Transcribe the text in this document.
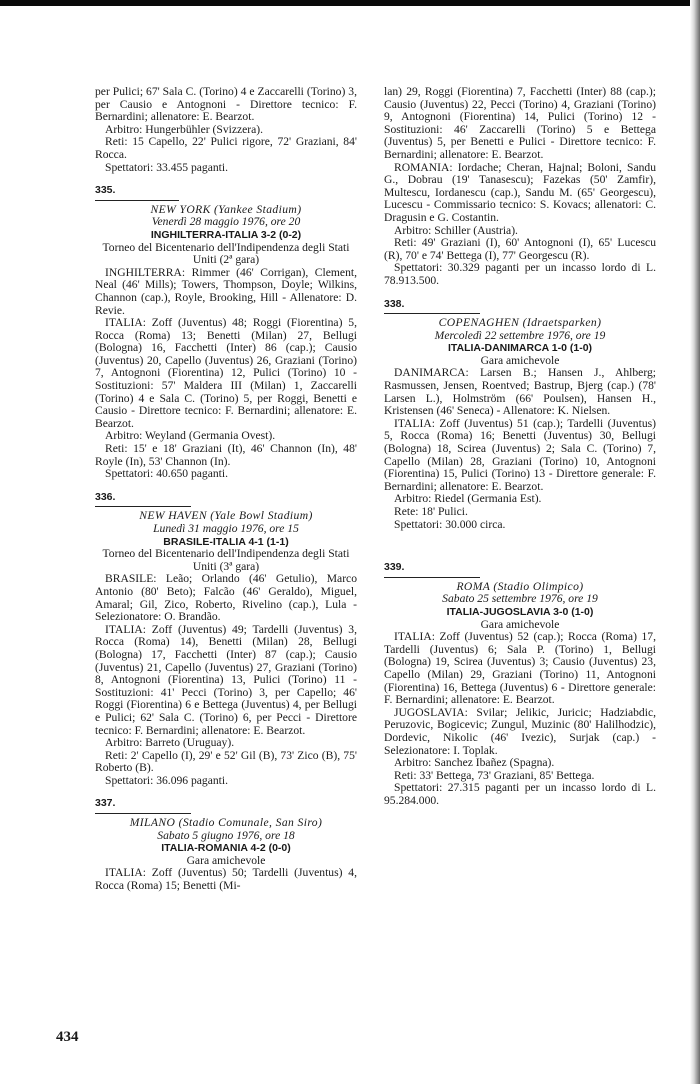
per Pulici; 67' Sala C. (Torino) 4 e Zaccarelli (Torino) 3, per Causio e Antognoni - Direttore tecnico: F. Bernardini; allenatore: E. Bearzot.

Arbitro: Hungerbühler (Svizzera).

Reti: 15 Capello, 22' Pulici rigore, 72' Graziani, 84' Rocca.

Spettatori: 33.455 paganti.

335.

NEW YORK (Yankee Stadium)

Venerdì 28 maggio 1976, ore 20

INGHILTERRA-ITALIA 3-2 (0-2)

Torneo del Bicentenario dell'Indipendenza degli Stati Uniti (2ª gara)

INGHILTERRA: Rimmer (46' Corrigan), Clement, Neal (46' Mills); Towers, Thompson, Doyle; Wilkins, Channon (cap.), Royle, Brooking, Hill - Allenatore: D. Revie.

ITALIA: Zoff (Juventus) 48; Roggi (Fiorentina) 5, Rocca (Roma) 13; Benetti (Milan) 27, Bellugi (Bologna) 16, Facchetti (Inter) 86 (cap.); Causio (Juventus) 20, Capello (Juventus) 26, Graziani (Torino) 7, Antognoni (Fiorentina) 12, Pulici (Torino) 10 - Sostituzioni: 57' Maldera III (Milan) 1, Zaccarelli (Torino) 4 e Sala C. (Torino) 5, per Roggi, Benetti e Causio - Direttore tecnico: F. Bernardini; allenatore: E. Bearzot.

Arbitro: Weyland (Germania Ovest).

Reti: 15' e 18' Graziani (It), 46' Channon (In), 48' Royle (In), 53' Channon (In).

Spettatori: 40.650 paganti.

336.

NEW HAVEN (Yale Bowl Stadium)

Lunedì 31 maggio 1976, ore 15

BRASILE-ITALIA 4-1 (1-1)

Torneo del Bicentenario dell'Indipendenza degli Stati Uniti (3ª gara)

BRASILE: Leão; Orlando (46' Getulio), Marco Antonio (80' Beto); Falcão (46' Geraldo), Miguel, Amaral; Gil, Zico, Roberto, Rivelino (cap.), Lula - Selezionatore: O. Brandão.

ITALIA: Zoff (Juventus) 49; Tardelli (Juventus) 3, Rocca (Roma) 14), Benetti (Milan) 28, Bellugi (Bologna) 17, Facchetti (Inter) 87 (cap.); Causio (Juventus) 21, Capello (Juventus) 27, Graziani (Torino) 8, Antognoni (Fiorentina) 13, Pulici (Torino) 11 - Sostituzioni: 41' Pecci (Torino) 3, per Capello; 46' Roggi (Fiorentina) 6 e Bettega (Juventus) 4, per Bellugi e Pulici; 62' Sala C. (Torino) 6, per Pecci - Direttore tecnico: F. Bernardini; allenatore: E. Bearzot.

Arbitro: Barreto (Uruguay).

Reti: 2' Capello (I), 29' e 52' Gil (B), 73' Zico (B), 75' Roberto (B).

Spettatori: 36.096 paganti.

337.

MILANO (Stadio Comunale, San Siro)

Sabato 5 giugno 1976, ore 18

ITALIA-ROMANIA 4-2 (0-0)

Gara amichevole

ITALIA: Zoff (Juventus) 50; Tardelli (Juventus) 4, Rocca (Roma) 15; Benetti (Mi-

lan) 29, Roggi (Fiorentina) 7, Facchetti (Inter) 88 (cap.); Causio (Juventus) 22, Pecci (Torino) 4, Graziani (Torino) 9, Antognoni (Fiorentina) 14, Pulici (Torino) 12 - Sostituzioni: 46' Zaccarelli (Torino) 5 e Bettega (Juventus) 5, per Benetti e Pulici - Direttore tecnico: F. Bernardini; allenatore: E. Bearzot.

ROMANIA: Iordache; Cheran, Hajnal; Boloni, Sandu G., Dobrau (19' Tanasescu); Fazekas (50' Zamfir), Multescu, Iordanescu (cap.), Sandu M. (65' Georgescu), Lucescu - Commissario tecnico: S. Kovacs; allenatori: C. Dragusin e G. Costantin.

Arbitro: Schiller (Austria).

Reti: 49' Graziani (I), 60' Antognoni (I), 65' Lucescu (R), 70' e 74' Bettega (I), 77' Georgescu (R).

Spettatori: 30.329 paganti per un incasso lordo di L. 78.913.500.

338.

COPENAGHEN (Idraetsparken)

Mercoledì 22 settembre 1976, ore 19

ITALIA-DANIMARCA 1-0 (1-0)

Gara amichevole

DANIMARCA: Larsen B.; Hansen J., Ahlberg; Rasmussen, Jensen, Roentved; Bastrup, Bjerg (cap.) (78' Larsen L.), Holmström (66' Poulsen), Hansen H., Kristensen (46' Seneca) - Allenatore: K. Nielsen.

ITALIA: Zoff (Juventus) 51 (cap.); Tardelli (Juventus) 5, Rocca (Roma) 16; Benetti (Juventus) 30, Bellugi (Bologna) 18, Scirea (Juventus) 2; Sala C. (Torino) 7, Capello (Milan) 28, Graziani (Torino) 10, Antognoni (Fiorentina) 15, Pulici (Torino) 13 - Direttore generale: F. Bernardini; allenatore: E. Bearzot.

Arbitro: Riedel (Germania Est).

Rete: 18' Pulici.

Spettatori: 30.000 circa.

339.

ROMA (Stadio Olimpico)

Sabato 25 settembre 1976, ore 19

ITALIA-JUGOSLAVIA 3-0 (1-0)

Gara amichevole

ITALIA: Zoff (Juventus) 52 (cap.); Rocca (Roma) 17, Tardelli (Juventus) 6; Sala P. (Torino) 1, Bellugi (Bologna) 19, Scirea (Juventus) 3; Causio (Juventus) 23, Capello (Milan) 29, Graziani (Torino) 11, Antognoni (Fiorentina) 16, Bettega (Juventus) 6 - Direttore generale: F. Bernardini; allenatore: E. Bearzot.

JUGOSLAVIA: Svilar; Jelikic, Juricic; Hadziabdic, Peruzovic, Bogicevic; Zungul, Muzinic (80' Halilhodzic), Dordevic, Nikolic (46' Ivezic), Surjak (cap.) - Selezionatore: I. Toplak.

Arbitro: Sanchez Ibañez (Spagna).

Reti: 33' Bettega, 73' Graziani, 85' Bettega.

Spettatori: 27.315 paganti per un incasso lordo di L. 95.284.000.

434
